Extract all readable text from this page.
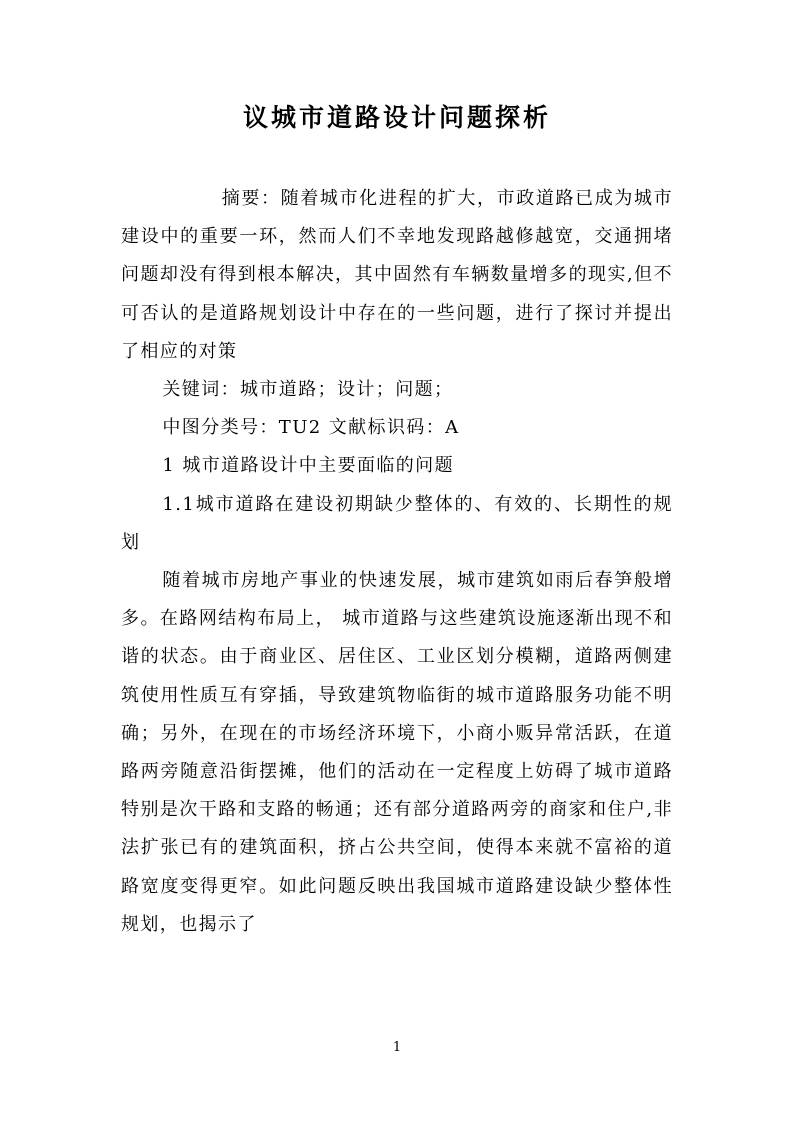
议城市道路设计问题探析

摘要：随着城市化进程的扩大，市政道路已成为城市建设中的重要一环，然而人们不幸地发现路越修越宽，交通拥堵问题却没有得到根本解决，其中固然有车辆数量增多的现实,但不可否认的是道路规划设计中存在的一些问题，进行了探讨并提出了相应的对策

关键词：城市道路；设计；问题；

中图分类号：TU2 文献标识码：A

1 城市道路设计中主要面临的问题

1.1城市道路在建设初期缺少整体的、有效的、长期性的规划

随着城市房地产事业的快速发展，城市建筑如雨后春笋般增多。在路网结构布局上， 城市道路与这些建筑设施逐渐出现不和谐的状态。由于商业区、居住区、工业区划分模糊，道路两侧建筑使用性质互有穿插，导致建筑物临街的城市道路服务功能不明确；另外，在现在的市场经济环境下，小商小贩异常活跃，在道路两旁随意沿街摆摊，他们的活动在一定程度上妨碍了城市道路特别是次干路和支路的畅通；还有部分道路两旁的商家和住户,非法扩张已有的建筑面积，挤占公共空间，使得本来就不富裕的道路宽度变得更窄。如此问题反映出我国城市道路建设缺少整体性规划，也揭示了

1
